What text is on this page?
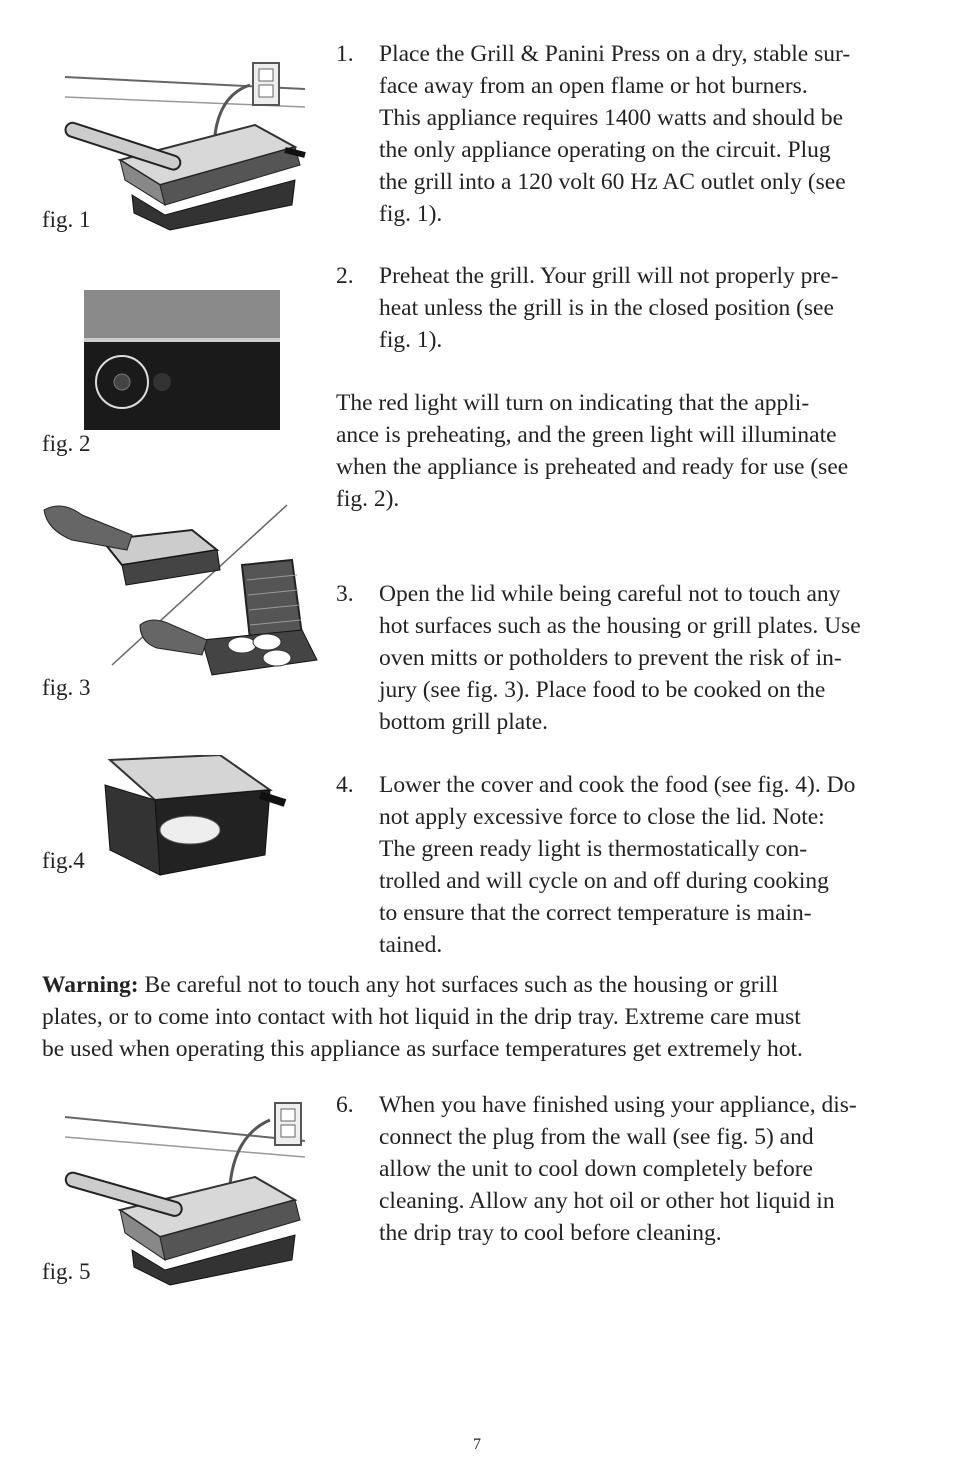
fig. 1
fig. 2
fig. 3
fig.4
fig. 5
1.	Place the Grill & Panini Press on a dry, stable sur-
face away from an open flame or hot burners.
This appliance requires 1400 watts and should be
the only appliance operating on the circuit. Plug
the grill into a 120 volt 60 Hz AC outlet only (see
fig. 1).
2.	Preheat the grill. Your grill will not properly pre-
heat unless the grill is in the closed position (see
fig. 1).
The red light will turn on indicating that the appli-
ance is preheating, and the green light will illuminate
when the appliance is preheated and ready for use (see
fig. 2).
3.	Open the lid while being careful not to touch any
hot surfaces such as the housing or grill plates. Use
oven mitts or potholders to prevent the risk of in-
jury (see fig. 3). Place food to be cooked on the
bottom grill plate.
4.	Lower the cover and cook the food (see fig. 4). Do
not apply excessive force to close the lid. Note:
The green ready light is thermostatically con-
trolled and will cycle on and off during cooking
to ensure that the correct temperature is main-
tained.
Warning: Be careful not to touch any hot surfaces such as the housing or grill
plates, or to come into contact with hot liquid in the drip tray. Extreme care must
be used when operating this appliance as surface temperatures get extremely hot.
6.	When you have finished using your appliance, dis-
connect the plug from the wall (see fig. 5) and
allow the unit to cool down completely before
cleaning. Allow any hot oil or other hot liquid in
the drip tray to cool before cleaning.
7
